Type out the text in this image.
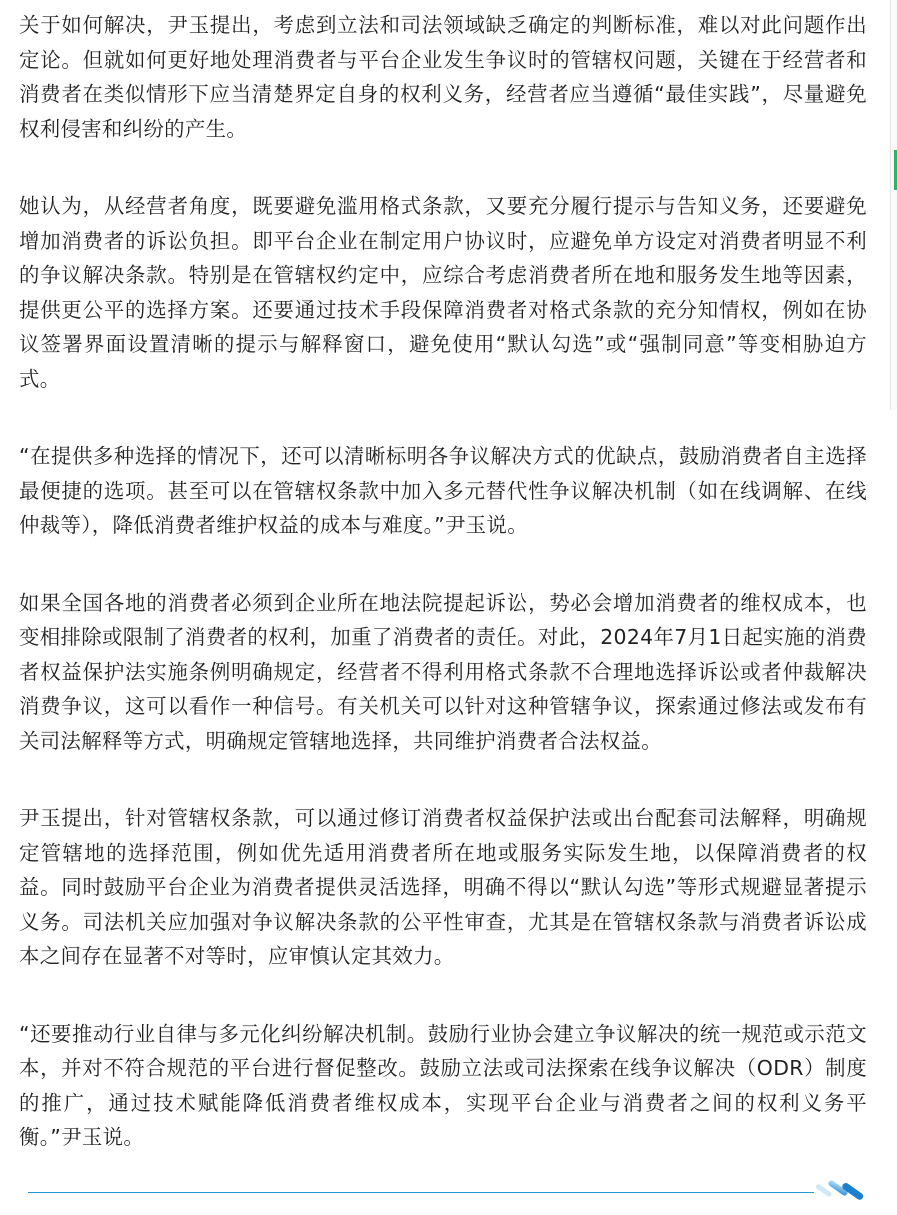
关于如何解决，尹玉提出，考虑到立法和司法领域缺乏确定的判断标准，难以对此问题作出定论。但就如何更好地处理消费者与平台企业发生争议时的管辖权问题，关键在于经营者和消费者在类似情形下应当清楚界定自身的权利义务，经营者应当遵循“最佳实践”，尽量避免权利侵害和纠纷的产生。

她认为，从经营者角度，既要避免滥用格式条款，又要充分履行提示与告知义务，还要避免增加消费者的诉讼负担。即平台企业在制定用户协议时，应避免单方设定对消费者明显不利的争议解决条款。特别是在管辖权约定中，应综合考虑消费者所在地和服务发生地等因素，提供更公平的选择方案。还要通过技术手段保障消费者对格式条款的充分知情权，例如在协议签署界面设置清晰的提示与解释窗口，避免使用“默认勾选”或“强制同意”等变相胁迫方式。

“在提供多种选择的情况下，还可以清晰标明各争议解决方式的优缺点，鼓励消费者自主选择最便捷的选项。甚至可以在管辖权条款中加入多元替代性争议解决机制（如在线调解、在线仲裁等），降低消费者维护权益的成本与难度。”尹玉说。

如果全国各地的消费者必须到企业所在地法院提起诉讼，势必会增加消费者的维权成本，也变相排除或限制了消费者的权利，加重了消费者的责任。对此，2024年7月1日起实施的消费者权益保护法实施条例明确规定，经营者不得利用格式条款不合理地选择诉讼或者仲裁解决消费争议，这可以看作一种信号。有关机关可以针对这种管辖争议，探索通过修法或发布有关司法解释等方式，明确规定管辖地选择，共同维护消费者合法权益。

尹玉提出，针对管辖权条款，可以通过修订消费者权益保护法或出台配套司法解释，明确规定管辖地的选择范围，例如优先适用消费者所在地或服务实际发生地，以保障消费者的权益。同时鼓励平台企业为消费者提供灵活选择，明确不得以“默认勾选”等形式规避显著提示义务。司法机关应加强对争议解决条款的公平性审查，尤其是在管辖权条款与消费者诉讼成本之间存在显著不对等时，应审慎认定其效力。

“还要推动行业自律与多元化纠纷解决机制。鼓励行业协会建立争议解决的统一规范或示范文本，并对不符合规范的平台进行督促整改。鼓励立法或司法探索在线争议解决（ODR）制度的推广，通过技术赋能降低消费者维权成本，实现平台企业与消费者之间的权利义务平衡。”尹玉说。
